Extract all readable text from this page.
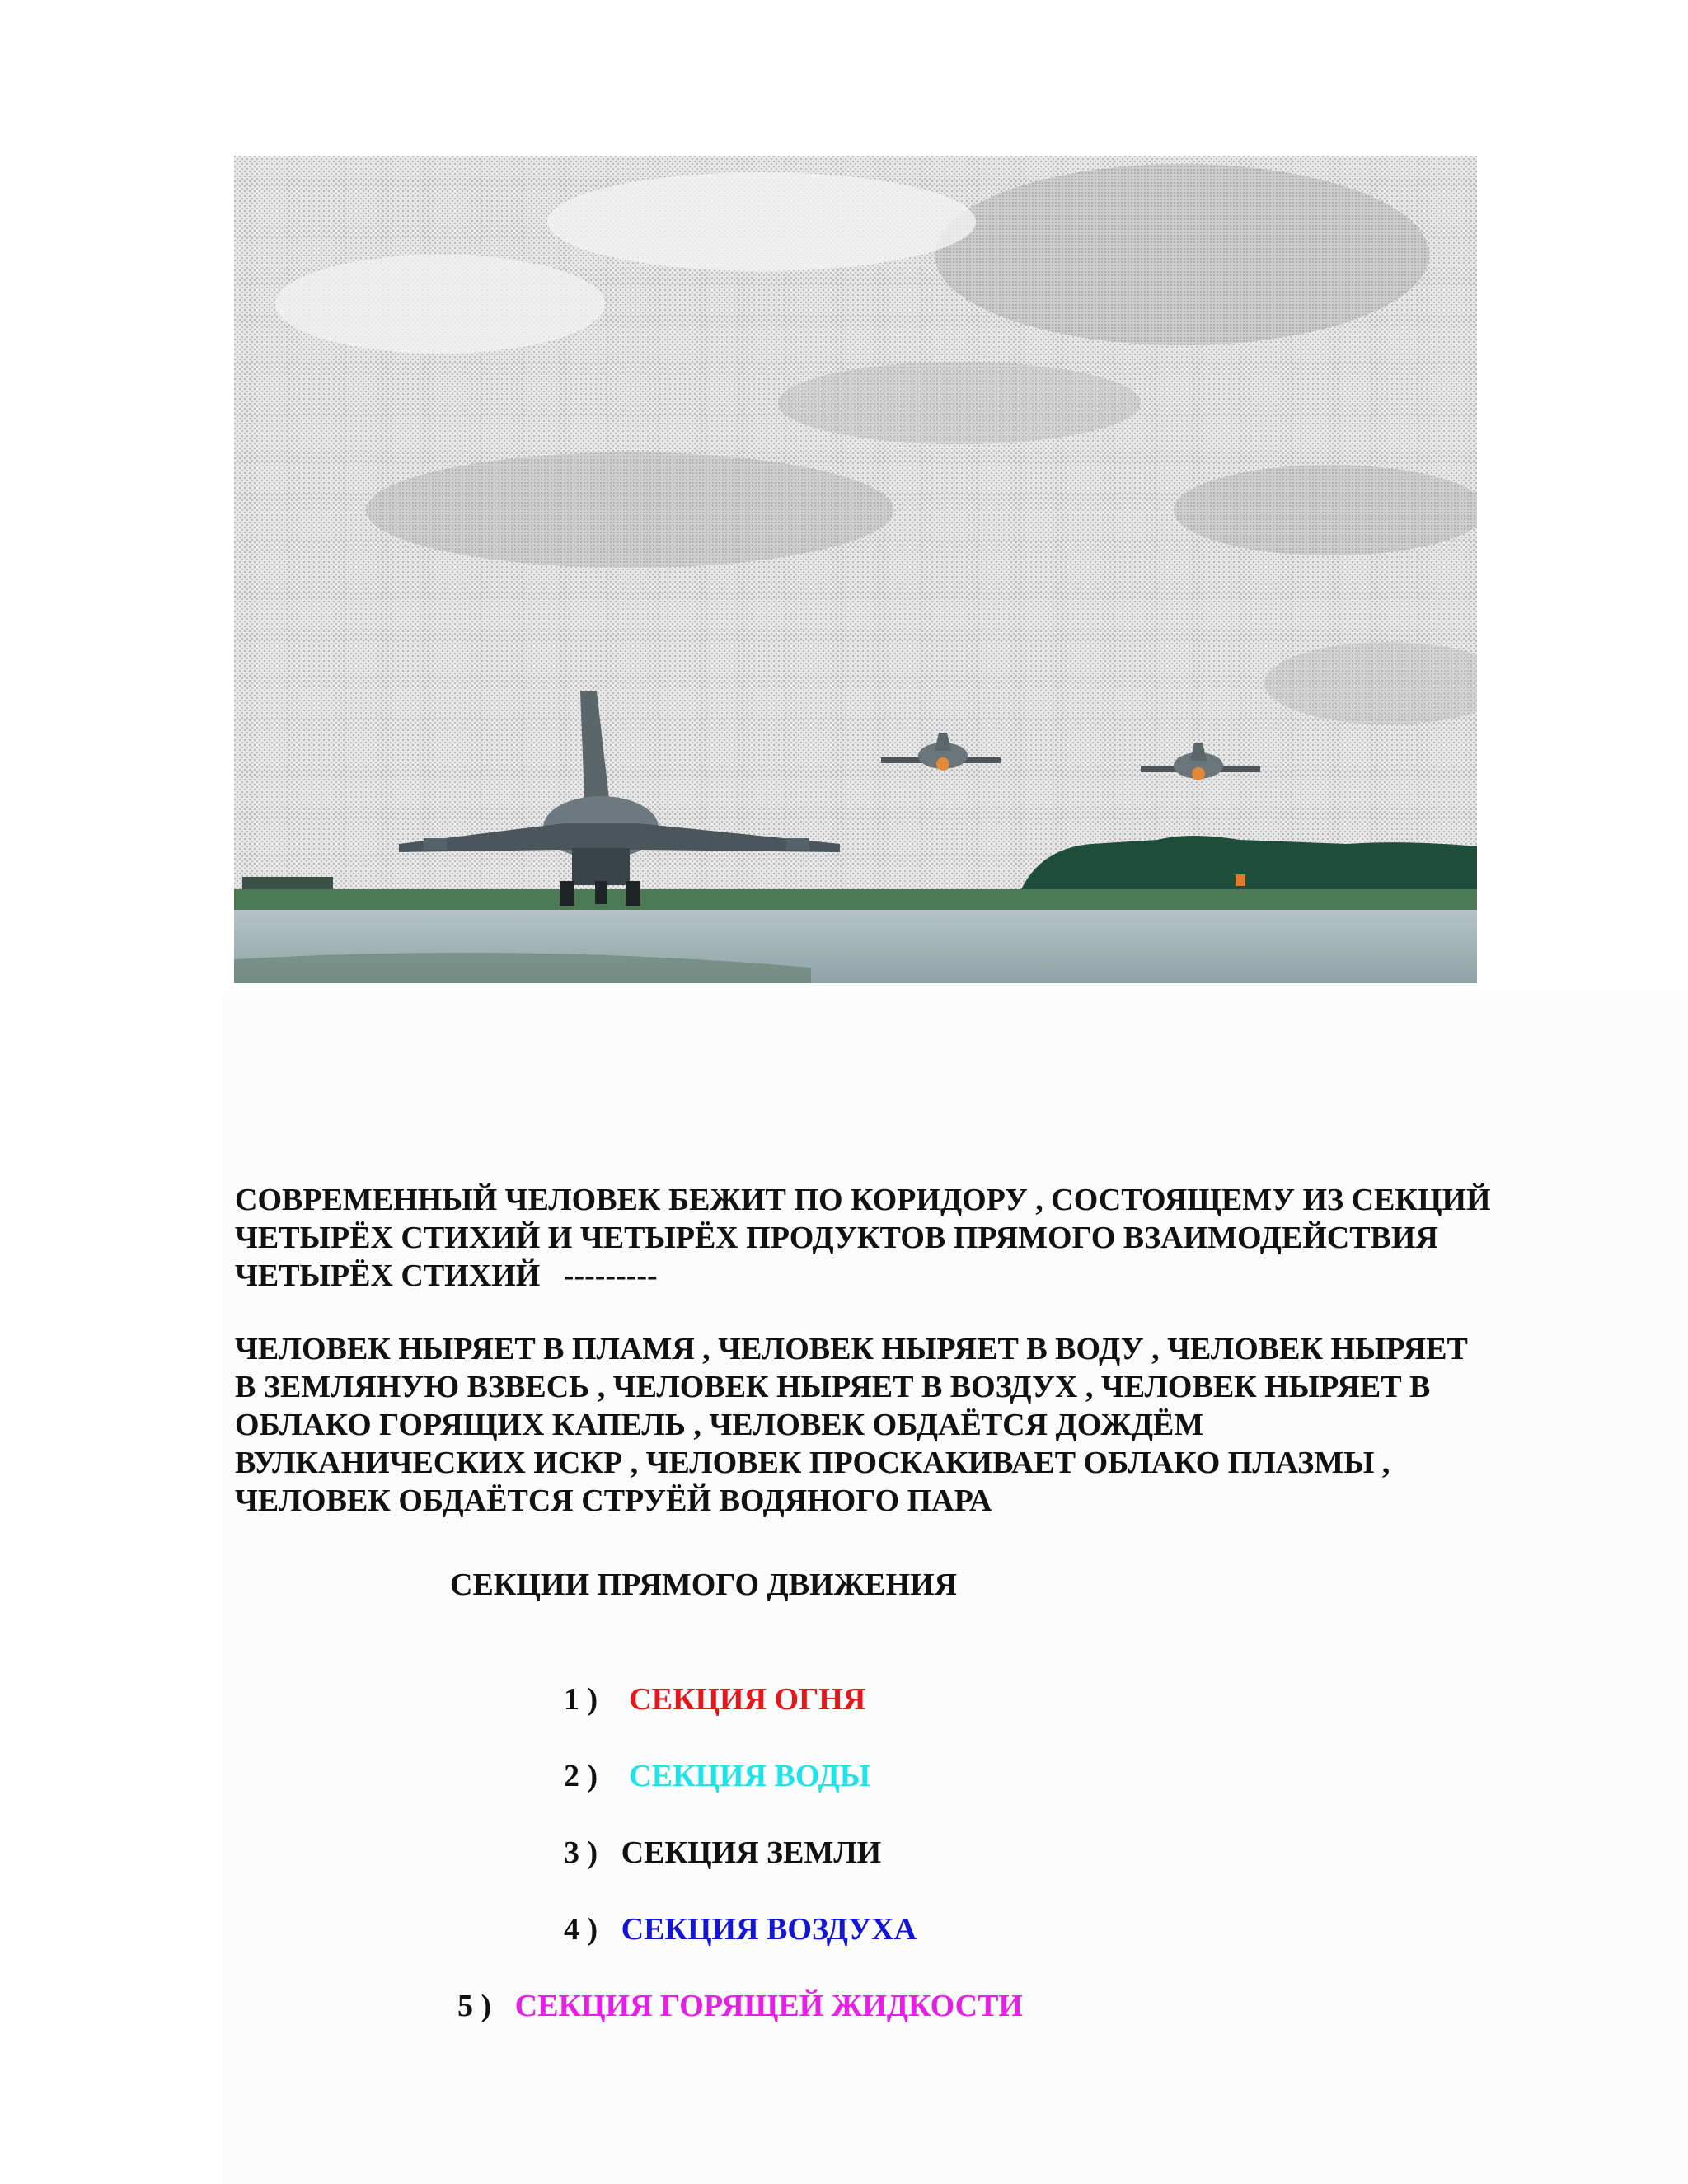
СОВРЕМЕННЫЙ ЧЕЛОВЕК БЕЖИТ ПО КОРИДОРУ , СОСТОЯЩЕМУ ИЗ СЕКЦИЙ
ЧЕТЫРЁХ СТИХИЙ И ЧЕТЫРЁХ ПРОДУКТОВ ПРЯМОГО ВЗАИМОДЕЙСТВИЯ
ЧЕТЫРЁХ СТИХИЙ   ---------

ЧЕЛОВЕК НЫРЯЕТ В ПЛАМЯ , ЧЕЛОВЕК НЫРЯЕТ В ВОДУ , ЧЕЛОВЕК НЫРЯЕТ
В ЗЕМЛЯНУЮ ВЗВЕСЬ , ЧЕЛОВЕК НЫРЯЕТ В ВОЗДУХ , ЧЕЛОВЕК НЫРЯЕТ В
ОБЛАКО ГОРЯЩИХ КАПЕЛЬ , ЧЕЛОВЕК ОБДАЁТСЯ ДОЖДЁМ
ВУЛКАНИЧЕСКИХ ИСКР , ЧЕЛОВЕК ПРОСКАКИВАЕТ ОБЛАКО ПЛАЗМЫ ,
ЧЕЛОВЕК ОБДАЁТСЯ СТРУЁЙ ВОДЯНОГО ПАРА

СЕКЦИИ ПРЯМОГО ДВИЖЕНИЯ

1 ) СЕКЦИЯ ОГНЯ

2 ) СЕКЦИЯ ВОДЫ

3 ) СЕКЦИЯ ЗЕМЛИ

4 ) СЕКЦИЯ ВОЗДУХА

5 ) СЕКЦИЯ ГОРЯЩЕЙ ЖИДКОСТИ
